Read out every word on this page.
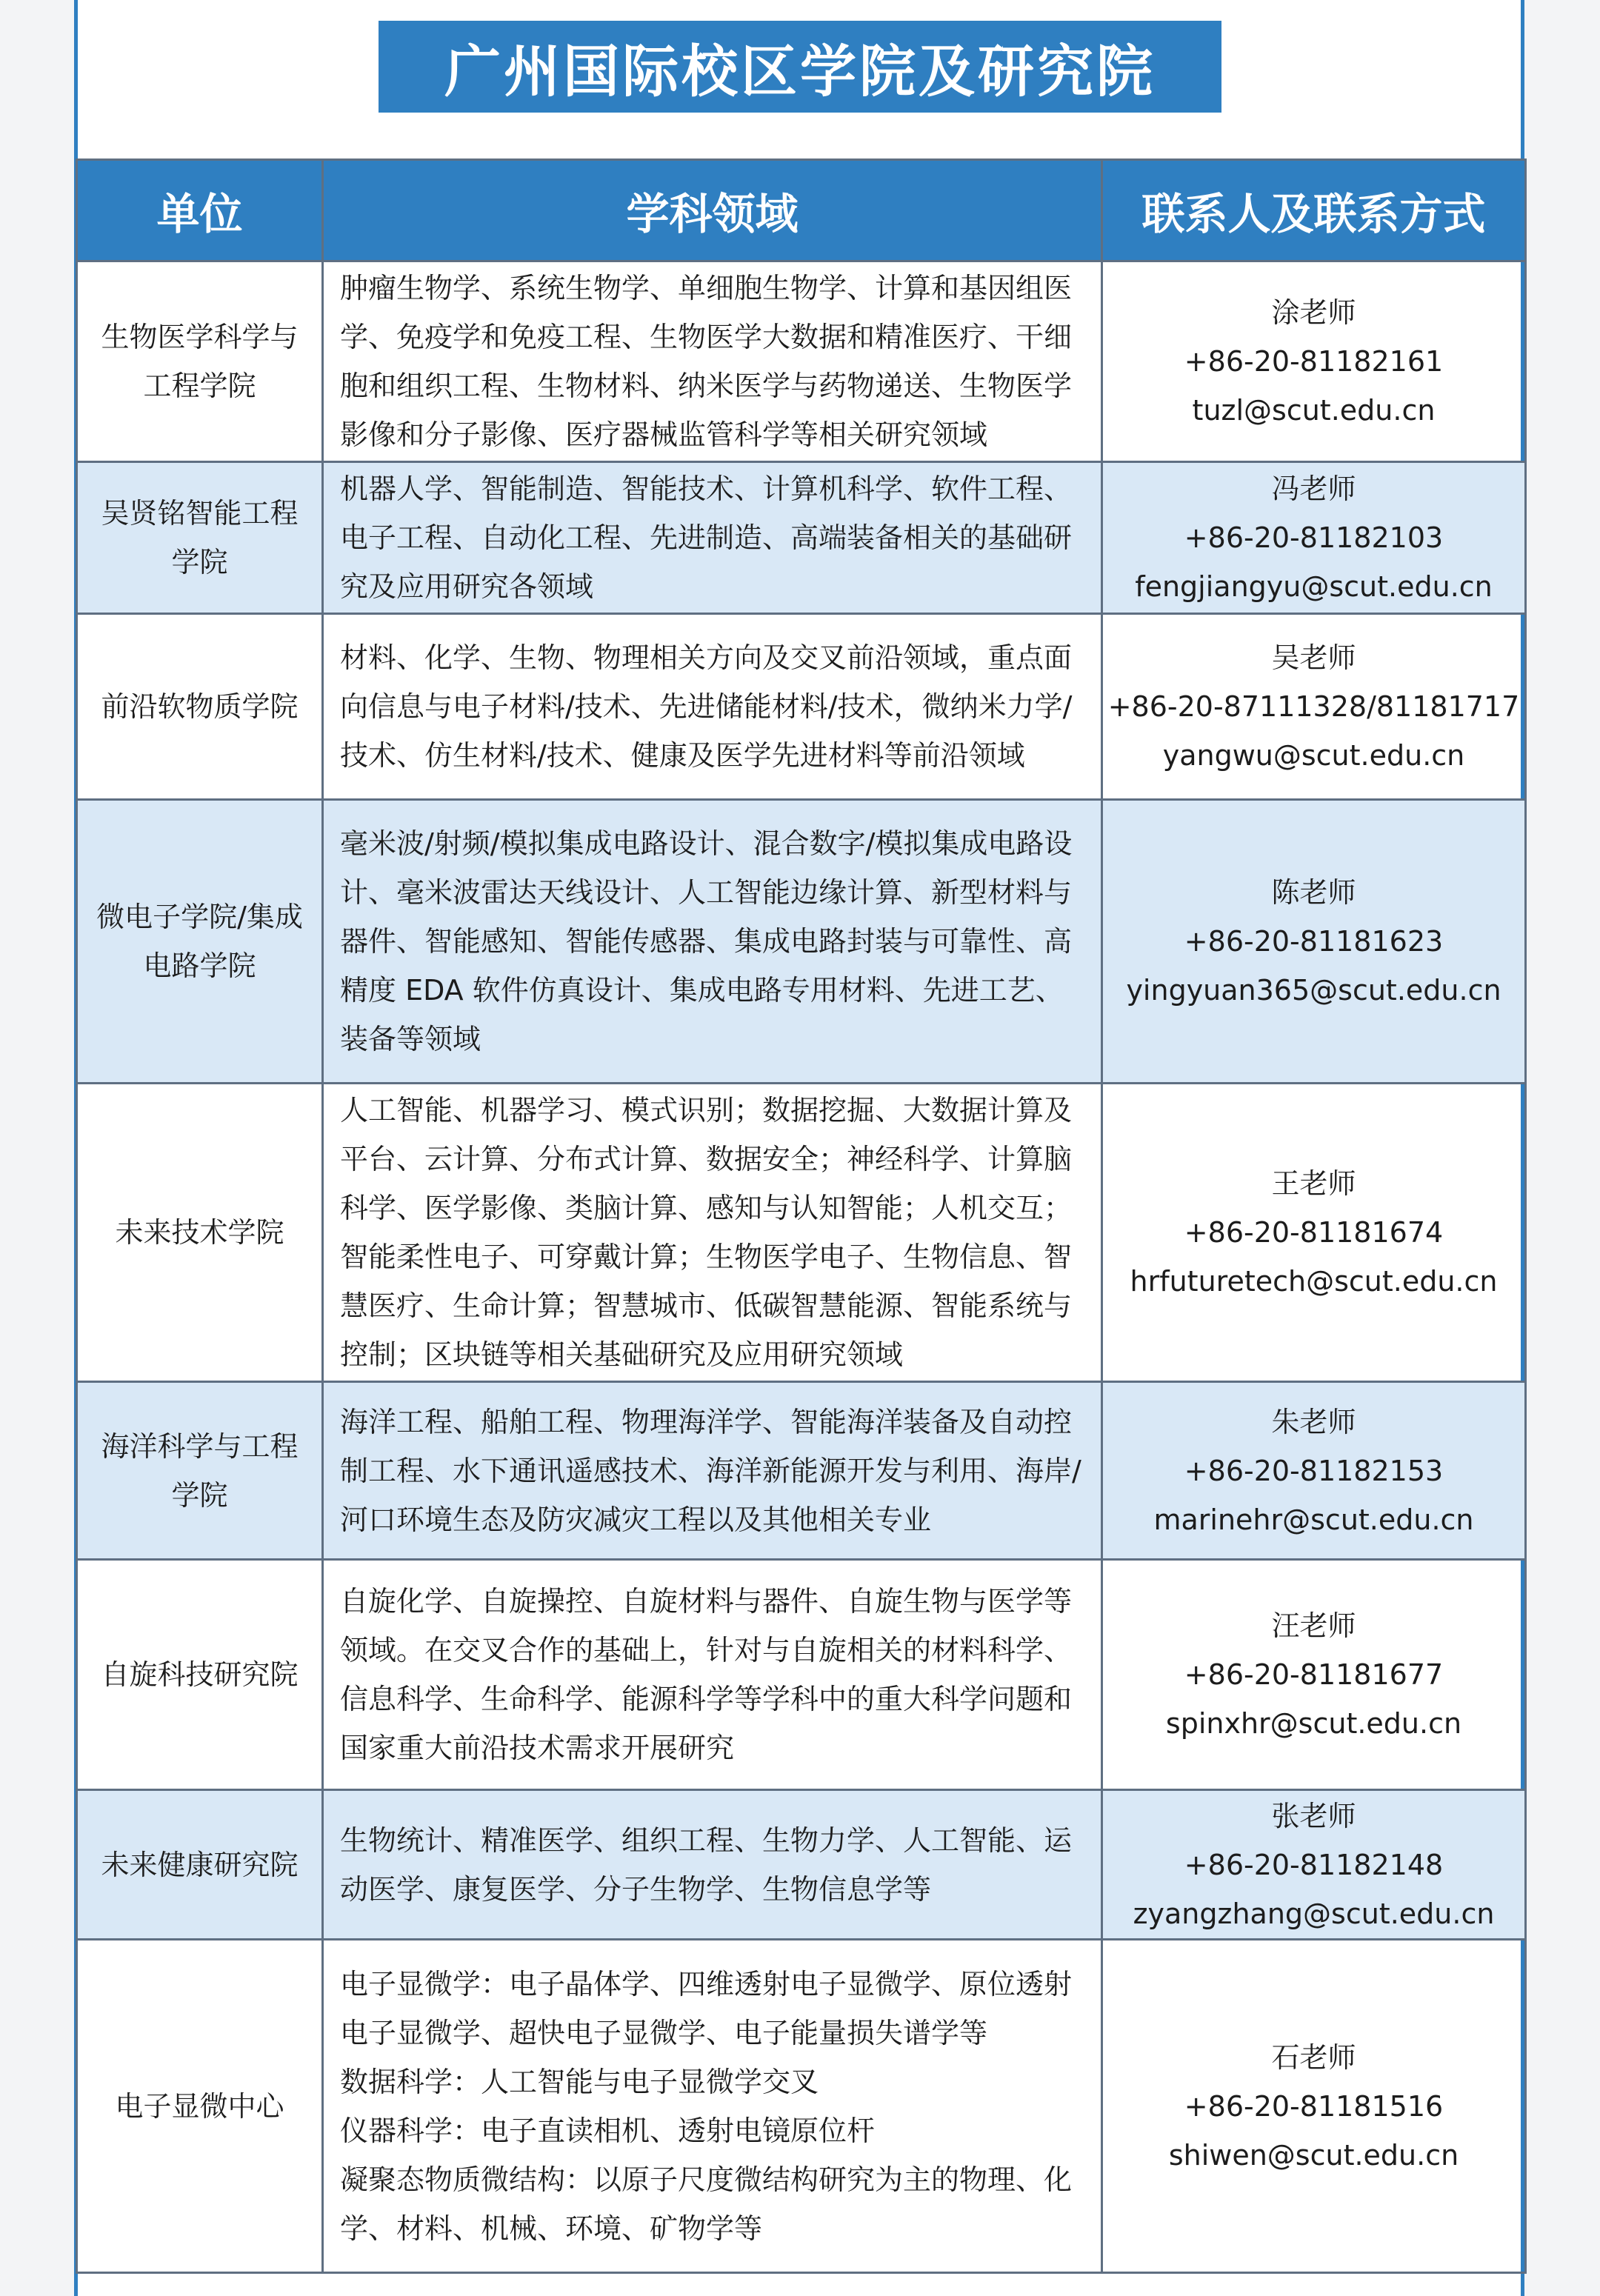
广州国际校区学院及研究院
单位	学科领域	联系人及联系方式
生物医学科学与工程学院	肿瘤生物学、系统生物学、单细胞生物学、计算和基因组医学、免疫学和免疫工程、生物医学大数据和精准医疗、干细胞和组织工程、生物材料、纳米医学与药物递送、生物医学影像和分子影像、医疗器械监管科学等相关研究领域	涂老师
+86-20-81182161
tuzl@scut.edu.cn

吴贤铭智能工程学院	机器人学、智能制造、智能技术、计算机科学、软件工程、电子工程、自动化工程、先进制造、高端装备相关的基础研究及应用研究各领域	冯老师
+86-20-81182103
fengjiangyu@scut.edu.cn

前沿软物质学院	材料、化学、生物、物理相关方向及交叉前沿领域，重点面向信息与电子材料/技术、先进储能材料/技术，微纳米力学/技术、仿生材料/技术、健康及医学先进材料等前沿领域	吴老师
+86-20-87111328/81181717
yangwu@scut.edu.cn

微电子学院/集成电路学院	毫米波/射频/模拟集成电路设计、混合数字/模拟集成电路设计、毫米波雷达天线设计、人工智能边缘计算、新型材料与器件、智能感知、智能传感器、集成电路封装与可靠性、高精度 EDA 软件仿真设计、集成电路专用材料、先进工艺、装备等领域	陈老师
+86-20-81181623
yingyuan365@scut.edu.cn

未来技术学院	人工智能、机器学习、模式识别；数据挖掘、大数据计算及平台、云计算、分布式计算、数据安全；神经科学、计算脑科学、医学影像、类脑计算、感知与认知智能；人机交互；智能柔性电子、可穿戴计算；生物医学电子、生物信息、智慧医疗、生命计算；智慧城市、低碳智慧能源、智能系统与控制；区块链等相关基础研究及应用研究领域	王老师
+86-20-81181674
hrfuturetech@scut.edu.cn

海洋科学与工程学院	海洋工程、船舶工程、物理海洋学、智能海洋装备及自动控制工程、水下通讯遥感技术、海洋新能源开发与利用、海岸/河口环境生态及防灾减灾工程以及其他相关专业	朱老师
+86-20-81182153
marinehr@scut.edu.cn

自旋科技研究院	自旋化学、自旋操控、自旋材料与器件、自旋生物与医学等领域。在交叉合作的基础上，针对与自旋相关的材料科学、信息科学、生命科学、能源科学等学科中的重大科学问题和国家重大前沿技术需求开展研究	汪老师
+86-20-81181677
spinxhr@scut.edu.cn

未来健康研究院	生物统计、精准医学、组织工程、生物力学、人工智能、运动医学、康复医学、分子生物学、生物信息学等	张老师
+86-20-81182148
zyangzhang@scut.edu.cn

电子显微中心	电子显微学：电子晶体学、四维透射电子显微学、原位透射电子显微学、超快电子显微学、电子能量损失谱学等
数据科学：人工智能与电子显微学交叉
仪器科学：电子直读相机、透射电镜原位杆
凝聚态物质微结构：以原子尺度微结构研究为主的物理、化学、材料、机械、环境、矿物学等	石老师
+86-20-81181516
shiwen@scut.edu.cn
